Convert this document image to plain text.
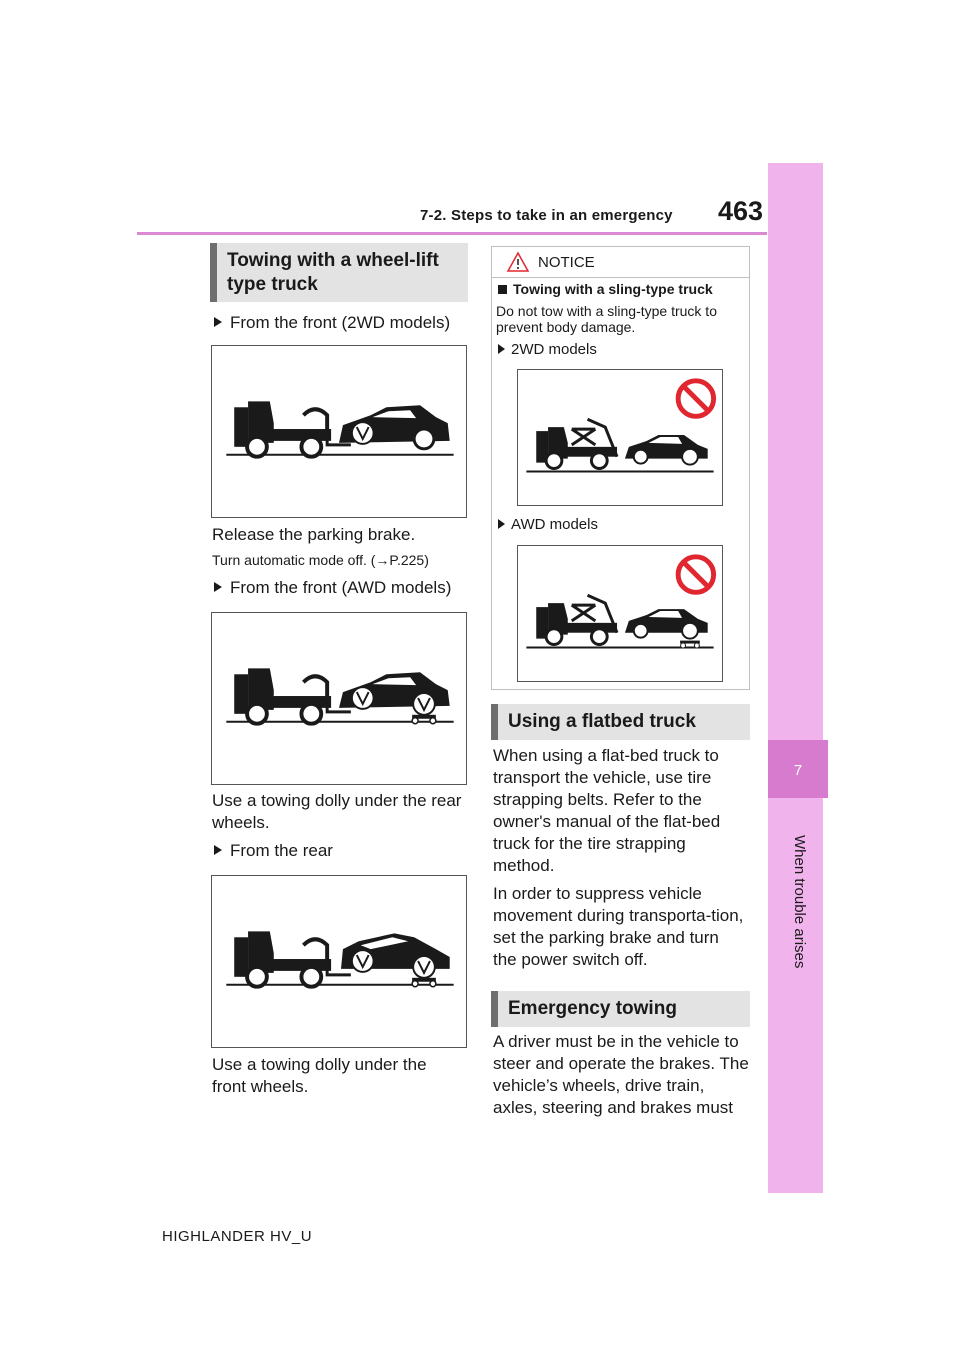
7-2. Steps to take in an emergency 463
7
When trouble arises
Towing with a wheel-lift type truck
From the front (2WD models)
Release the parking brake.
Turn automatic mode off. (→P.225)
From the front (AWD models)
Use a towing dolly under the rear wheels.
From the rear
Use a towing dolly under the front wheels.
NOTICE
Towing with a sling-type truck
Do not tow with a sling-type truck to prevent body damage.
2WD models
AWD models
Using a flatbed truck
When using a flat-bed truck to transport the vehicle, use tire strapping belts. Refer to the owner's manual of the flat-bed truck for the tire strapping method.
In order to suppress vehicle movement during transporta-tion, set the parking brake and turn the power switch off.
Emergency towing
A driver must be in the vehicle to steer and operate the brakes. The vehicle’s wheels, drive train, axles, steering and brakes must
HIGHLANDER HV_U
